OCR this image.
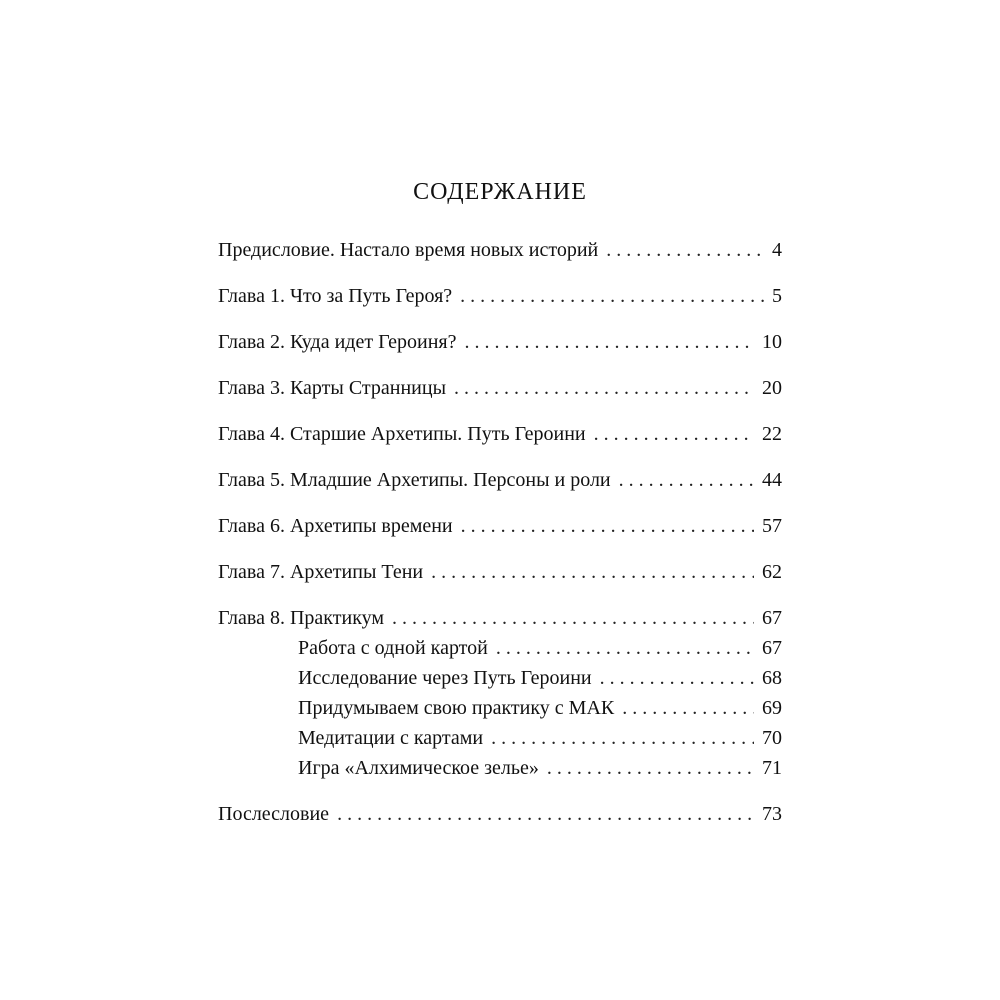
СОДЕРЖАНИЕ
Предисловие. Настало время новых историй . . .	4
Глава 1. Что за Путь Героя? . . .	5
Глава 2. Куда идет Героиня? . . .	10
Глава 3. Карты Странницы . . .	20
Глава 4. Старшие Архетипы. Путь Героини . . .	22
Глава 5. Младшие Архетипы. Персоны и роли . . .	44
Глава 6. Архетипы времени . . .	57
Глава 7. Архетипы Тени . . .	62
Глава 8. Практикум . . .	67
Работа с одной картой . . .	67
Исследование через Путь Героини . . .	68
Придумываем свою практику с МАК . . .	69
Медитации с картами . . .	70
Игра «Алхимическое зелье» . . .	71
Послесловие . . .	73
